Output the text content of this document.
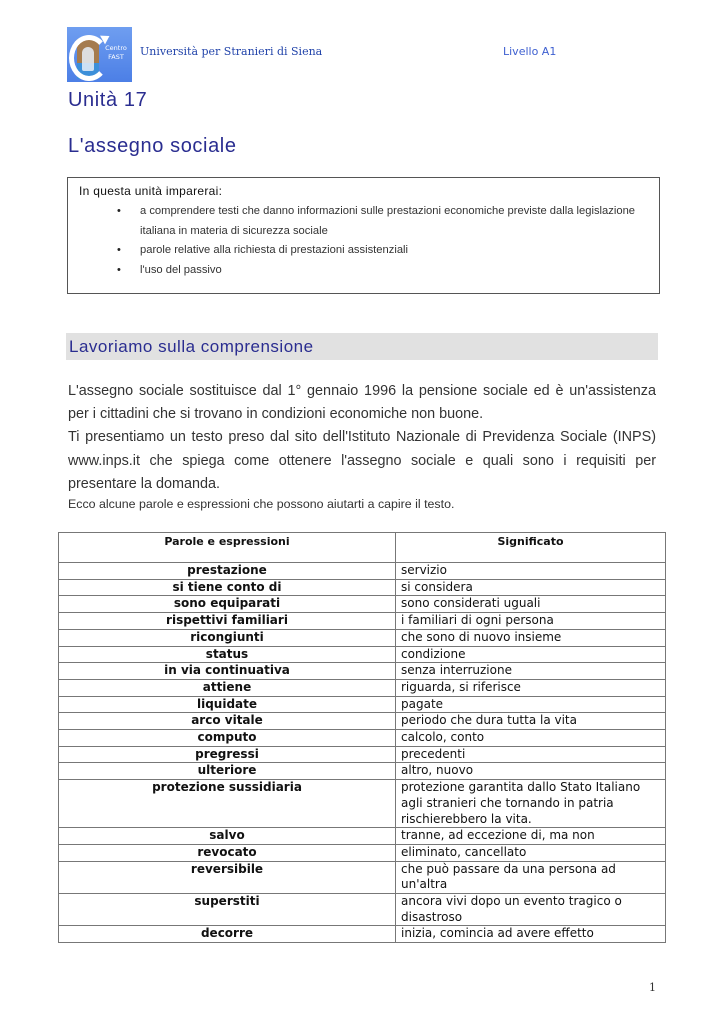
Centro
FAST	Università per Stranieri di Siena	Livello A1
Unità 17
L'assegno sociale
In questa unità imparerai:
• a comprendere testi che danno informazioni sulle prestazioni economiche previste dalla legislazione italiana in materia di sicurezza sociale
• parole relative alla richiesta di prestazioni assistenziali
• l'uso del passivo
Lavoriamo sulla comprensione

L'assegno sociale sostituisce dal 1° gennaio 1996 la pensione sociale ed è un'assistenza per i cittadini che si trovano in condizioni economiche non buone.

Ti presentiamo un testo preso dal sito dell'Istituto Nazionale di Previdenza Sociale (INPS) www.inps.it che spiega come ottenere l'assegno sociale e quali sono i requisiti per presentare la domanda.

Ecco alcune parole e espressioni che possono aiutarti a capire il testo.
Parole e espressioni	Significato
prestazione	servizio
si tiene conto di	si considera
sono equiparati	sono considerati uguali
rispettivi familiari	i familiari di ogni persona
ricongiunti	che sono di nuovo insieme
status	condizione
in via continuativa	senza interruzione
attiene	riguarda, si riferisce
liquidate	pagate
arco vitale	periodo che dura tutta la vita
computo	calcolo, conto
pregressi	precedenti
ulteriore	altro, nuovo
protezione sussidiaria	protezione garantita dallo Stato Italiano agli stranieri che tornando in patria rischierebbero la vita.
salvo	tranne, ad eccezione di, ma non
revocato	eliminato, cancellato
reversibile	che può passare da una persona ad un'altra
superstiti	ancora vivi dopo un evento tragico o disastroso
decorre	inizia, comincia ad avere effetto
1
